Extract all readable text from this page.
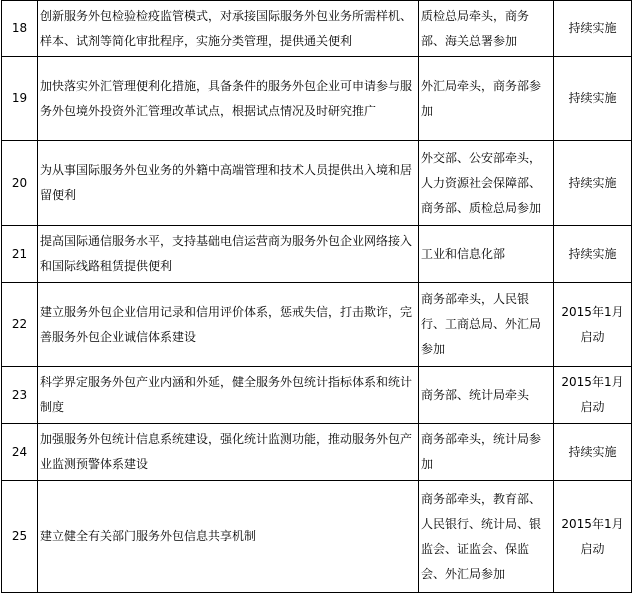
18	创新服务外包检验检疫监管模式，对承接国际服务外包业务所需样机、样本、试剂等简化审批程序，实施分类管理，提供通关便利	质检总局牵头，商务部、海关总署参加	持续实施
19	加快落实外汇管理便利化措施，具备条件的服务外包企业可申请参与服务外包境外投资外汇管理改革试点，根据试点情况及时研究推广	外汇局牵头，商务部参加	持续实施
20	为从事国际服务外包业务的外籍中高端管理和技术人员提供出入境和居留便利	外交部、公安部牵头，人力资源社会保障部、商务部、质检总局参加	持续实施
21	提高国际通信服务水平，支持基础电信运营商为服务外包企业网络接入和国际线路租赁提供便利	工业和信息化部	持续实施
22	建立服务外包企业信用记录和信用评价体系，惩戒失信，打击欺诈，完善服务外包企业诚信体系建设	商务部牵头，人民银行、工商总局、外汇局参加	2015年1月启动
23	科学界定服务外包产业内涵和外延，健全服务外包统计指标体系和统计制度	商务部、统计局牵头	2015年1月启动
24	加强服务外包统计信息系统建设，强化统计监测功能，推动服务外包产业监测预警体系建设	商务部牵头，统计局参加	持续实施
25	建立健全有关部门服务外包信息共享机制	商务部牵头，教育部、人民银行、统计局、银监会、证监会、保监会、外汇局参加	2015年1月启动
